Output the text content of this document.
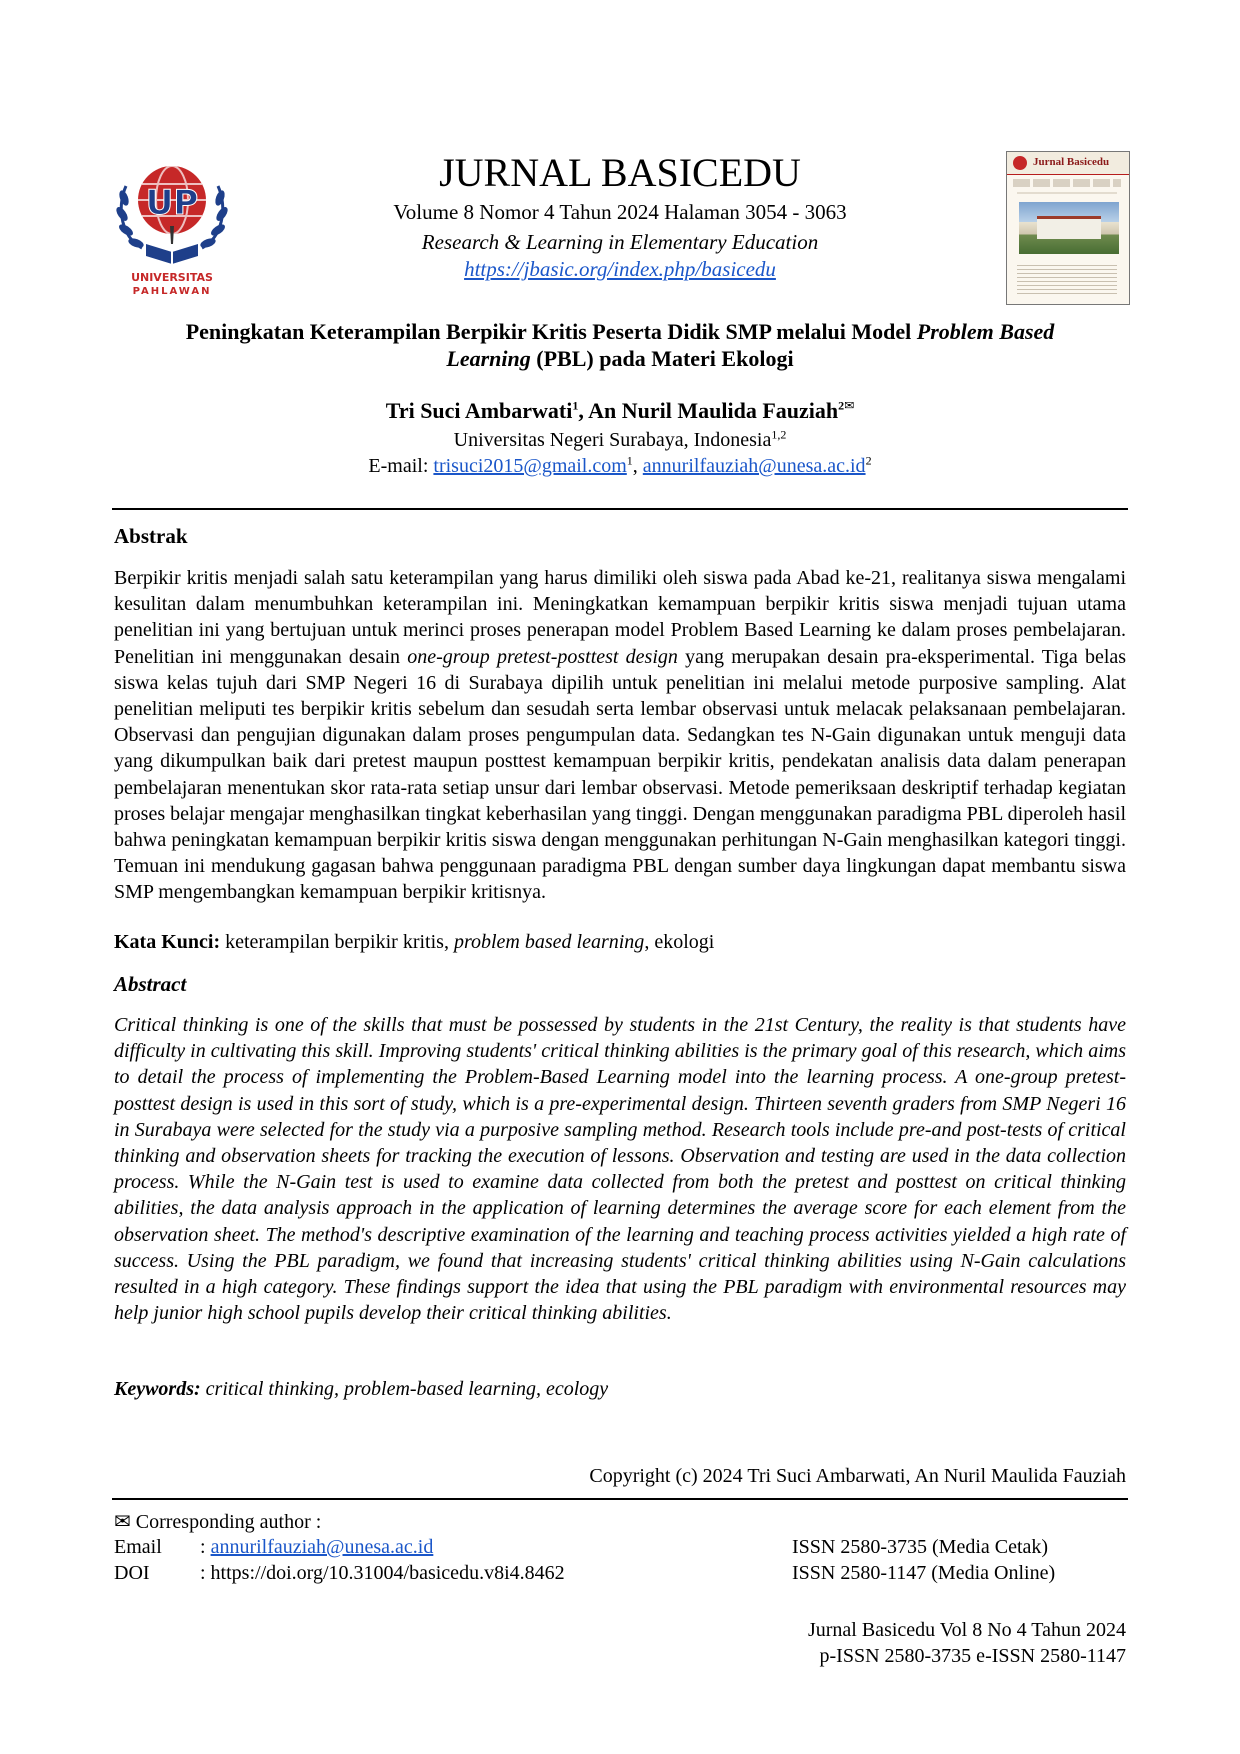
UP
UNIVERSITAS
PAHLAWAN
JURNAL BASICEDU
Volume 8 Nomor 4 Tahun 2024 Halaman 3054 - 3063
Research & Learning in Elementary Education
https://jbasic.org/index.php/basicedu
Jurnal Basicedu
Peningkatan Keterampilan Berpikir Kritis Peserta Didik SMP melalui Model Problem Based
Learning (PBL) pada Materi Ekologi
Tri Suci Ambarwati$^1$, An Nuril Maulida Fauziah$^{2✉}$
Universitas Negeri Surabaya, Indonesia$^{1,2}$
E-mail: trisuci2015@gmail.com$^1$, $annurilfauziah@unesa.ac.id^2$
Abstrak
Berpikir kritis menjadi salah satu keterampilan yang harus dimiliki oleh siswa pada Abad ke-21, realitanya siswa mengalami kesulitan dalam menumbuhkan keterampilan ini. Meningkatkan kemampuan berpikir kritis siswa menjadi tujuan utama penelitian ini yang bertujuan untuk merinci proses penerapan model Problem Based Learning ke dalam proses pembelajaran. Penelitian ini menggunakan desain one-group pretest-posttest design yang merupakan desain pra-eksperimental. Tiga belas siswa kelas tujuh dari SMP Negeri 16 di Surabaya dipilih untuk penelitian ini melalui metode purposive sampling. Alat penelitian meliputi tes berpikir kritis sebelum dan sesudah serta lembar observasi untuk melacak pelaksanaan pembelajaran. Observasi dan pengujian digunakan dalam proses pengumpulan data. Sedangkan tes N-Gain digunakan untuk menguji data yang dikumpulkan baik dari pretest maupun posttest kemampuan berpikir kritis, pendekatan analisis data dalam penerapan pembelajaran menentukan skor rata-rata setiap unsur dari lembar observasi. Metode pemeriksaan deskriptif terhadap kegiatan proses belajar mengajar menghasilkan tingkat keberhasilan yang tinggi. Dengan menggunakan paradigma PBL diperoleh hasil bahwa peningkatan kemampuan berpikir kritis siswa dengan menggunakan perhitungan N-Gain menghasilkan kategori tinggi. Temuan ini mendukung gagasan bahwa penggunaan paradigma PBL dengan sumber daya lingkungan dapat membantu siswa SMP mengembangkan kemampuan berpikir kritisnya.
Kata Kunci: keterampilan berpikir kritis, problem based learning, ekologi
Abstract
Critical thinking is one of the skills that must be possessed by students in the 21st Century, the reality is that students have difficulty in cultivating this skill. Improving students' critical thinking abilities is the primary goal of this research, which aims to detail the process of implementing the Problem-Based Learning model into the learning process. A one-group pretest-posttest design is used in this sort of study, which is a pre-experimental design. Thirteen seventh graders from SMP Negeri 16 in Surabaya were selected for the study via a purposive sampling method. Research tools include pre-and post-tests of critical thinking and observation sheets for tracking the execution of lessons. Observation and testing are used in the data collection process. While the N-Gain test is used to examine data collected from both the pretest and posttest on critical thinking abilities, the data analysis approach in the application of learning determines the average score for each element from the observation sheet. The method's descriptive examination of the learning and teaching process activities yielded a high rate of success. Using the PBL paradigm, we found that increasing students' critical thinking abilities using N-Gain calculations resulted in a high category. These findings support the idea that using the PBL paradigm with environmental resources may help junior high school pupils develop their critical thinking abilities.
Keywords: critical thinking, problem-based learning, ecology
Copyright (c) 2024 Tri Suci Ambarwati, An Nuril Maulida Fauziah
✉ Corresponding author :
Email : annurilfauziah@unesa.ac.id
DOI	: https://doi.org/10.31004/basicedu.v8i4.8462
ISSN 2580-3735 (Media Cetak)
ISSN 2580-1147 (Media Online)
Jurnal Basicedu Vol 8 No 4 Tahun 2024
p-ISSN 2580-3735 e-ISSN 2580-1147
